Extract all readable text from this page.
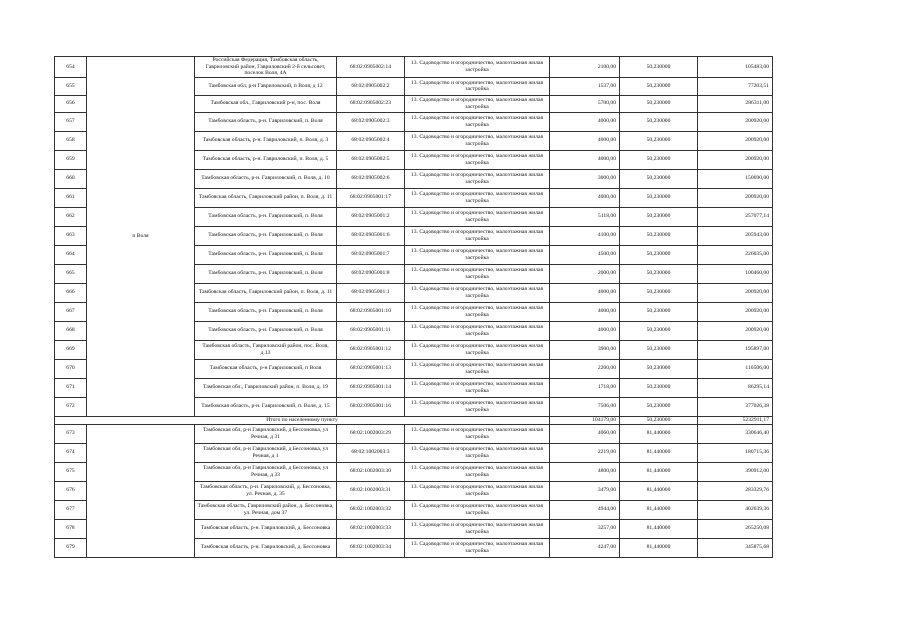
654	п Воля	Российская Федерация, Тамбовская область, Гавриловский район, Гавриловский 2-й сельсовет, поселок Воля, 4А	68:02:0905002:14	13. Садоводство и огородничество, малоэтажная жилая застройка	2100,00	50,230000	105483,00
655		Тамбовская обл, р-н Гавриловский, п Воля, д 12	68:02:0905002:2	13. Садоводство и огородничество, малоэтажная жилая застройка	1537,00	50,230000	77203,51
656		Тамбовская обл., Гавриловский р-н, пос. Воля	68:02:0905002:23	13. Садоводство и огородничество, малоэтажная жилая застройка	5700,00	50,230000	286311,00
657		Тамбовская область, р-н. Гавриловский, п. Воля	68:02:0905002:3	13. Садоводство и огородничество, малоэтажная жилая застройка	4000,00	50,230000	200920,00
658		Тамбовская область, р-н. Гавриловский, п. Воля, д. 3	68:02:0905002:4	13. Садоводство и огородничество, малоэтажная жилая застройка	4000,00	50,230000	200920,00
659		Тамбовская область, р-н. Гавриловский, п. Воля, д. 5	68:02:0905002:5	13. Садоводство и огородничество, малоэтажная жилая застройка	4000,00	50,230000	200920,00
660		Тамбовская область, р-н. Гавриловский, п. Воля, д. 10	68:02:0905002:6	13. Садоводство и огородничество, малоэтажная жилая застройка	3000,00	50,230000	150690,00
661		Тамбовская область, Гавриловский район, п. Воля, д. 11	68:02:0905001:17	13. Садоводство и огородничество, малоэтажная жилая застройка	4000,00	50,230000	200920,00
662		Тамбовская область, р-н. Гавриловский, п. Воля	68:02:0905001:2	13. Садоводство и огородничество, малоэтажная жилая застройка	5118,00	50,230000	257077,14
663		Тамбовская область, р-н. Гавриловский, п. Воля	68:02:0905001:6	13. Садоводство и огородничество, малоэтажная жилая застройка	4100,00	50,230000	205943,00
664		Тамбовская область, р-н. Гавриловский, п. Воля	68:02:0905001:7	13. Садоводство и огородничество, малоэтажная жилая застройка	4500,00	50,230000	226035,00
665		Тамбовская область, р-н. Гавриловский, п. Воля	68:02:0905001:8	13. Садоводство и огородничество, малоэтажная жилая застройка	2000,00	50,230000	100460,00
666		Тамбовская область, Гавриловский район, п. Воля, д. 11	68:02:0905001:1	13. Садоводство и огородничество, малоэтажная жилая застройка	4000,00	50,230000	200920,00
667		Тамбовская область, р-н. Гавриловский, п. Воля	68:02:0905001:10	13. Садоводство и огородничество, малоэтажная жилая застройка	4000,00	50,230000	200920,00
668		Тамбовская область, р-н. Гавриловский, п. Воля	68:02:0905001:11	13. Садоводство и огородничество, малоэтажная жилая застройка	4000,00	50,230000	200920,00
669		Тамбовская область, Гавриловский район, пос. Воля, д.13	68:02:0905001:12	13. Садоводство и огородничество, малоэтажная жилая застройка	3900,00	50,230000	195897,00
670		Тамбовская область, р-н Гавриловский, п Воля	68:02:0905001:13	13. Садоводство и огородничество, малоэтажная жилая застройка	2200,00	50,230000	110506,00
671		Тамбовская обл., Гавриловский район, п. Воля, д. 19	68:02:0905001:14	13. Садоводство и огородничество, малоэтажная жилая застройка	1718,00	50,230000	86295,14
672		Тамбовская область, р-н. Гавриловский, п. Воля, д. 15	68:02:0905001:16	13. Садоводство и огородничество, малоэтажная жилая застройка	7506,00	50,230000	377026,38
Итого по населенному пункту					104179,00	50,230000	5232911,17
673		Тамбовская обл, р-н Гавриловский, д Бессоновка, ул Речная, д 31	68:02:1002003:29	13. Садоводство и огородничество, малоэтажная жилая застройка	4060,00	81,440000	330646,40
674		Тамбовская обл, р-н Гавриловский, д Бессоновка, ул Речная, д 1	68:02:1002003:3	13. Садоводство и огородничество, малоэтажная жилая застройка	2219,00	81,440000	180715,36
675		Тамбовская обл, р-н Гавриловский, д Бессоновка, ул Речная, д 33	68:02:1002003:30	13. Садоводство и огородничество, малоэтажная жилая застройка	4800,00	81,440000	390912,00
676		Тамбовская область, р-н. Гавриловский, д. Бессоновка, ул. Речная, д. 35	68:02:1002003:31	13. Садоводство и огородничество, малоэтажная жилая застройка	3479,00	81,440000	283329,76
677		Тамбовская область, Гавриловский район, д. Бессоновка, ул. Речная, дом 37	68:02:1002003:32	13. Садоводство и огородничество, малоэтажная жилая застройка	4944,00	81,440000	402639,36
678		Тамбовская область, р-н. Гавриловский, д. Бессоновка	68:02:1002003:33	13. Садоводство и огородничество, малоэтажная жилая застройка	3257,00	81,440000	265250,08
679		Тамбовская область, р-н. Гавриловский, д. Бессоновка	68:02:1002003:34	13. Садоводство и огородничество, малоэтажная жилая застройка	4247,00	81,440000	345875,68
